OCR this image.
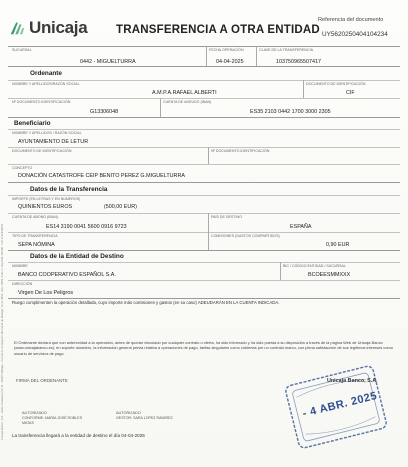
Unicaja TRANSFERENCIA A OTRA ENTIDAD
Referencia del documento
UY5620250404104234
SUCURSAL
0442 - MIGUELTURRA
FECHA OPERACIÓN
04-04-2025
CLAVE DE LA TRANSFERENCIA
103750965507417
Ordenante
NOMBRE Y APELLIDOS/RAZÓN SOCIAL
A.M.P.A.RAFAEL ALBERTI
DOCUMENTO DE IDENTIFICACIÓN
CIF
Nº DOCUMENTO IDENTIFICACIÓN
G13306048
CUENTA DE ADEUDO (IBAN)
ES35 2103 0442 1700 3000 2305
Beneficiario
NOMBRE Y APELLIDOS / RAZÓN SOCIAL
AYUNTAMIENTO DE LETUR
DOCUMENTO DE IDENTIFICACIÓN	Nº DOCUMENTO IDENTIFICACIÓN
CONCEPTO
DONACIÓN CATASTROFE CEIP BENITO PEREZ G.MIGUELTURRA
Datos de la Transferencia
IMPORTE (EN LETRAS Y EN NÚMEROS)
QUINIENTOS EUROS	(500,00 EUR)
CUENTA DE ABONO (IBAN)
ES14 3190 0041 5600 0916 9723
PAÍS DE DESTINO
ESPAÑA
TIPO DE TRANSFERENCIA
SEPA NÓMINA
COMISIONES (GASTOS COMPARTIDOS)
0,90 EUR
Datos de la Entidad de Destino
NOMBRE
BANCO COOPERATIVO ESPAÑOL S.A.
BIC / CÓDIGO ENTIDAD / SUCURSAL
BCOEESMMXXX
DIRECCIÓN
Virgen De Los Peligros
Ruego cumplimenten la operación detallada, cuyo importe más comisiones y gastos (en su caso) ADEUDARÁN EN LA CUENTA INDICADA.

El Ordenante declara que con anterioridad a la operación, antes de quedar vinculado por cualquier contrato u oferta, ha sido informado y ha sido puesta a su disposición a través de la página Web de Unicaja Banco (www.unicajabanco.es), en soporte duradero, la información general previa relativa a operaciones de pago, tarifas singulares como cubiertas por un contrato marco, con plena satisfacción de sus legítimos intereses como usuario de servicios de pago.

Unicaja Banco, S.A.
FIRMA DEL ORDENANTE
AUTORIZADO
CONFORME: MARÍA JOSÉ ROBLES
MATAS
AUTORIZADO
GESTOR: SARA LOPEZ RAMIREZ
La transferencia llegará a la entidad de destino el día 04-04-2025
Unicaja Banco, S.A. - Avda. Andalucía 10-12 - 29007 Málaga - Inscrita en el Registro Mercantil de Málaga, Tomo 4952, Libro 3859, Folio 1, Hoja MA-111580 - CIF A-93139053	- 4 ABR. 2025
